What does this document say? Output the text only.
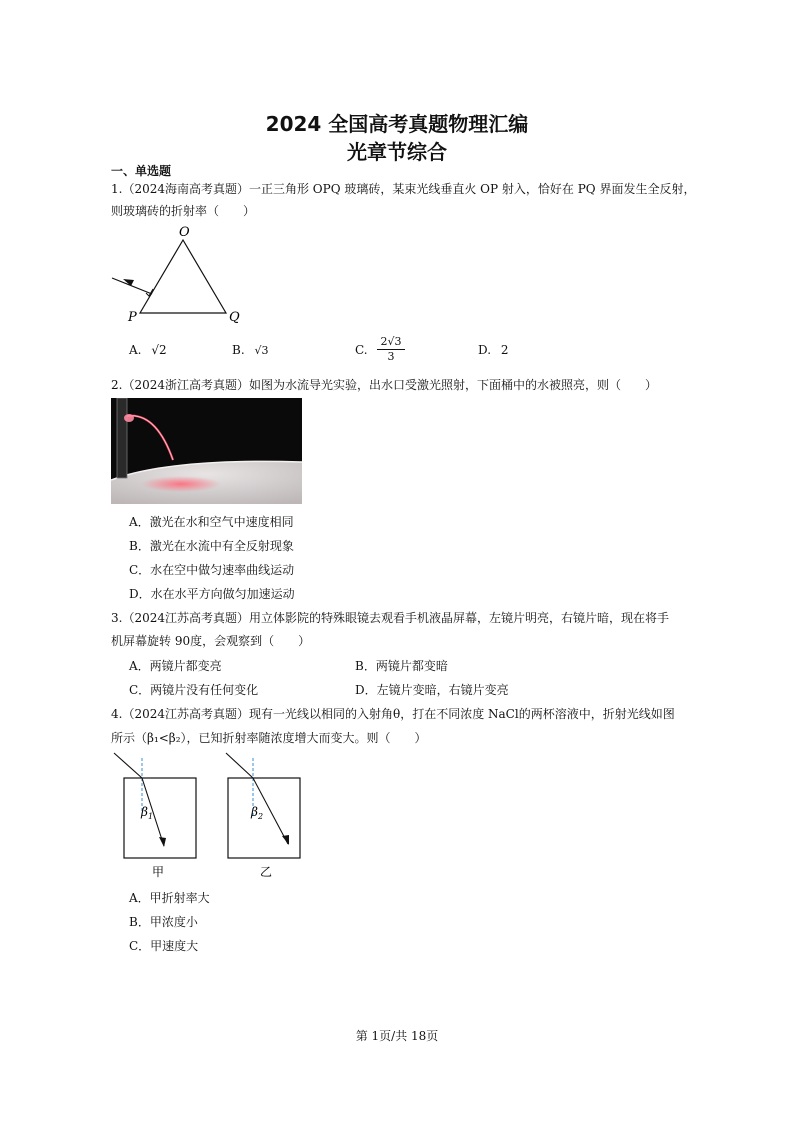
2024 全国高考真题物理汇编
光章节综合
一、单选题
1.（2024海南高考真题）一正三角形 OPQ 玻璃砖，某束光线垂直火 OP 射入，恰好在 PQ 界面发生全反射，
则玻璃砖的折射率（　　）
O
P	Q
A. √2	B. √3	C. $\frac{2√3}{3}$	D. 2
2.（2024浙江高考真题）如图为水流导光实验，出水口受激光照射，下面桶中的水被照亮，则（　　）
A．激光在水和空气中速度相同
B．激光在水流中有全反射现象
C．水在空中做匀速率曲线运动
D．水在水平方向做匀加速运动
3.（2024江苏高考真题）用立体影院的特殊眼镜去观看手机液晶屏幕，左镜片明亮，右镜片暗，现在将手
机屏幕旋转 90度，会观察到（　　）
A．两镜片都变亮	B．两镜片都变暗
C．两镜片没有任何变化	D．左镜片变暗，右镜片变亮
4.（2024江苏高考真题）现有一光线以相同的入射角θ，打在不同浓度 NaCl的两杯溶液中，折射光线如图
所示（β₁<β₂），已知折射率随浓度增大而变大。则（　　）
$\beta_1$
甲
$\beta_2$
乙
A．甲折射率大
B．甲浓度小
C．甲速度大
第 1页/共 18页
